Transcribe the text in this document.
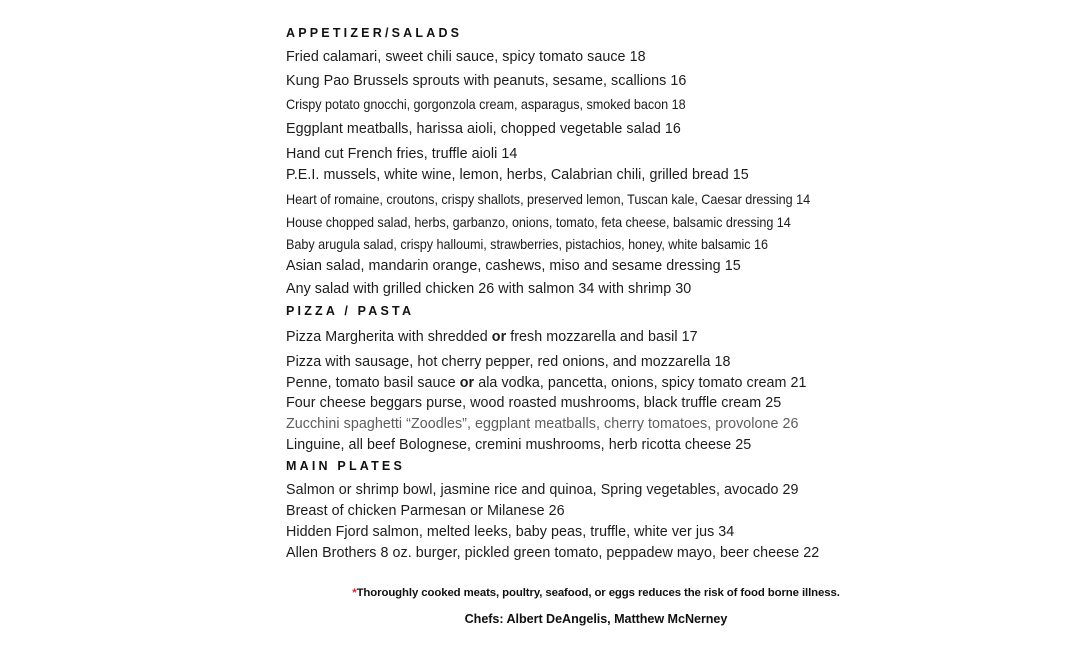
APPETIZER/SALADS
Fried calamari, sweet chili sauce, spicy tomato sauce 18
Kung Pao Brussels sprouts with peanuts, sesame, scallions 16
Crispy potato gnocchi, gorgonzola cream, asparagus, smoked bacon 18
Eggplant meatballs, harissa aioli, chopped vegetable salad 16
Hand cut French fries, truffle aioli 14
P.E.I. mussels, white wine, lemon, herbs, Calabrian chili, grilled bread 15
Heart of romaine, croutons, crispy shallots, preserved lemon, Tuscan kale, Caesar dressing 14
House chopped salad, herbs, garbanzo, onions, tomato, feta cheese, balsamic dressing 14
Baby arugula salad, crispy halloumi, strawberries, pistachios, honey, white balsamic 16
Asian salad, mandarin orange, cashews, miso and sesame dressing 15
Any salad with grilled chicken 26 with salmon 34 with shrimp 30
PIZZA / PASTA
Pizza Margherita with shredded or fresh mozzarella and basil 17
Pizza with sausage, hot cherry pepper, red onions, and mozzarella 18
Penne, tomato basil sauce or ala vodka, pancetta, onions, spicy tomato cream 21
Four cheese beggars purse, wood roasted mushrooms, black truffle cream 25
Zucchini spaghetti “Zoodles”, eggplant meatballs, cherry tomatoes, provolone 26
Linguine, all beef Bolognese, cremini mushrooms, herb ricotta cheese 25
MAIN PLATES
Salmon or shrimp bowl, jasmine rice and quinoa, Spring vegetables, avocado 29
Breast of chicken Parmesan or Milanese 26
Hidden Fjord salmon, melted leeks, baby peas, truffle, white ver jus 34
Allen Brothers 8 oz. burger, pickled green tomato, peppadew mayo, beer cheese 22
*Thoroughly cooked meats, poultry, seafood, or eggs reduces the risk of food borne illness.
Chefs: Albert DeAngelis, Matthew McNerney
